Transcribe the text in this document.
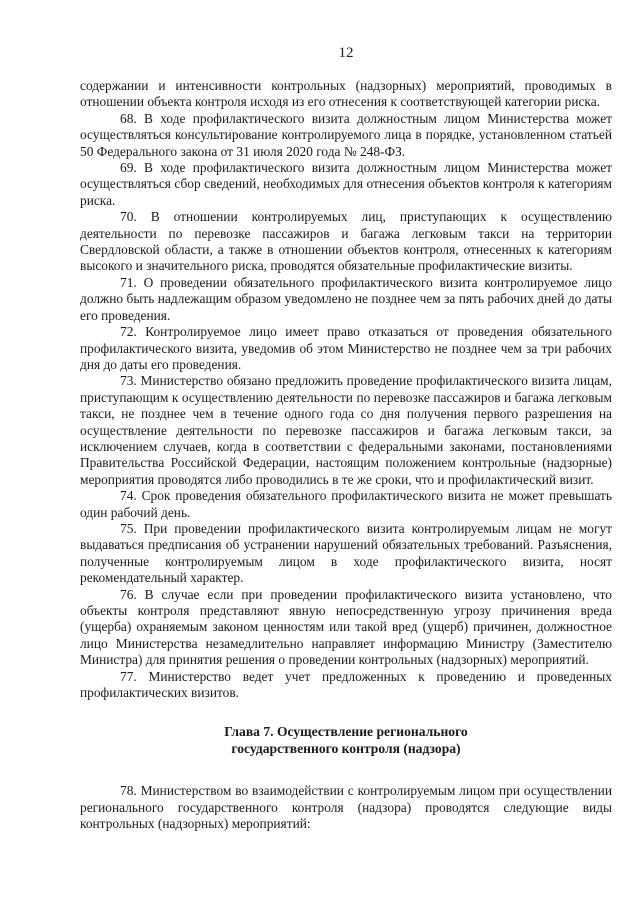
12

содержании и интенсивности контрольных (надзорных) мероприятий, проводимых в отношении объекта контроля исходя из его отнесения к соответствующей категории риска.

68. В ходе профилактического визита должностным лицом Министерства может осуществляться консультирование контролируемого лица в порядке, установленном статьей 50 Федерального закона от 31 июля 2020 года № 248-ФЗ.

69. В ходе профилактического визита должностным лицом Министерства может осуществляться сбор сведений, необходимых для отнесения объектов контроля к категориям риска.

70. В отношении контролируемых лиц, приступающих к осуществлению деятельности по перевозке пассажиров и багажа легковым такси на территории Свердловской области, а также в отношении объектов контроля, отнесенных к категориям высокого и значительного риска, проводятся обязательные профилактические визиты.

71. О проведении обязательного профилактического визита контролируемое лицо должно быть надлежащим образом уведомлено не позднее чем за пять рабочих дней до даты его проведения.

72. Контролируемое лицо имеет право отказаться от проведения обязательного профилактического визита, уведомив об этом Министерство не позднее чем за три рабочих дня до даты его проведения.

73. Министерство обязано предложить проведение профилактического визита лицам, приступающим к осуществлению деятельности по перевозке пассажиров и багажа легковым такси, не позднее чем в течение одного года со дня получения первого разрешения на осуществление деятельности по перевозке пассажиров и багажа легковым такси, за исключением случаев, когда в соответствии с федеральными законами, постановлениями Правительства Российской Федерации, настоящим положением контрольные (надзорные) мероприятия проводятся либо проводились в те же сроки, что и профилактический визит.

74. Срок проведения обязательного профилактического визита не может превышать один рабочий день.

75. При проведении профилактического визита контролируемым лицам не могут выдаваться предписания об устранении нарушений обязательных требований. Разъяснения, полученные контролируемым лицом в ходе профилактического визита, носят рекомендательный характер.

76. В случае если при проведении профилактического визита установлено, что объекты контроля представляют явную непосредственную угрозу причинения вреда (ущерба) охраняемым законом ценностям или такой вред (ущерб) причинен, должностное лицо Министерства незамедлительно направляет информацию Министру (Заместителю Министра) для принятия решения о проведении контрольных (надзорных) мероприятий.

77. Министерство ведет учет предложенных к проведению и проведенных профилактических визитов.

Глава 7. Осуществление регионального
государственного контроля (надзора)

78. Министерством во взаимодействии с контролируемым лицом при осуществлении регионального государственного контроля (надзора) проводятся следующие виды контрольных (надзорных) мероприятий:
